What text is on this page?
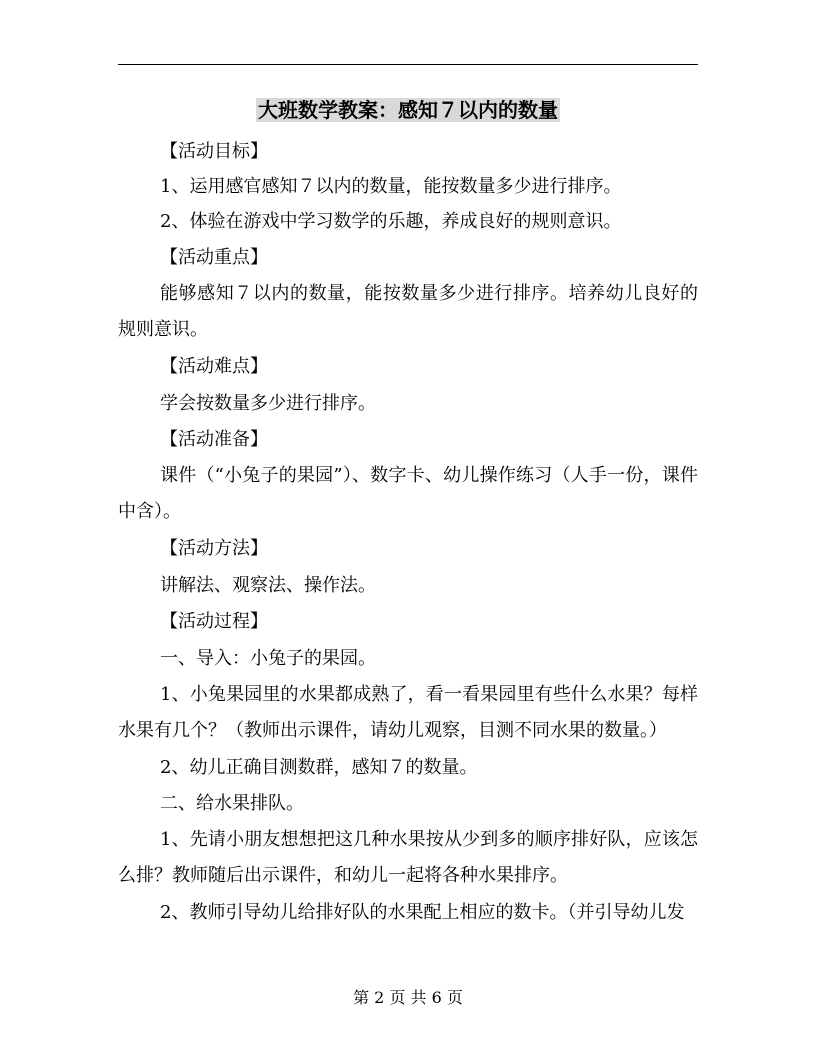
大班数学教案：感知７以内的数量
【活动目标】
1、运用感官感知７以内的数量，能按数量多少进行排序。
2、体验在游戏中学习数学的乐趣，养成良好的规则意识。
【活动重点】
能够感知７以内的数量，能按数量多少进行排序。培养幼儿良好的规则意识。
【活动难点】
学会按数量多少进行排序。
【活动准备】
课件（“小兔子的果园”）、数字卡、幼儿操作练习（人手一份，课件中含）。
【活动方法】
讲解法、观察法、操作法。
【活动过程】
一、导入：小兔子的果园。
1、小兔果园里的水果都成熟了，看一看果园里有些什么水果？每样水果有几个？（教师出示课件，请幼儿观察，目测不同水果的数量。）
2、幼儿正确目测数群，感知７的数量。
二、给水果排队。
1、先请小朋友想想把这几种水果按从少到多的顺序排好队，应该怎么排？教师随后出示课件，和幼儿一起将各种水果排序。
2、教师引导幼儿给排好队的水果配上相应的数卡。（并引导幼儿发
第 2 页 共 6 页
